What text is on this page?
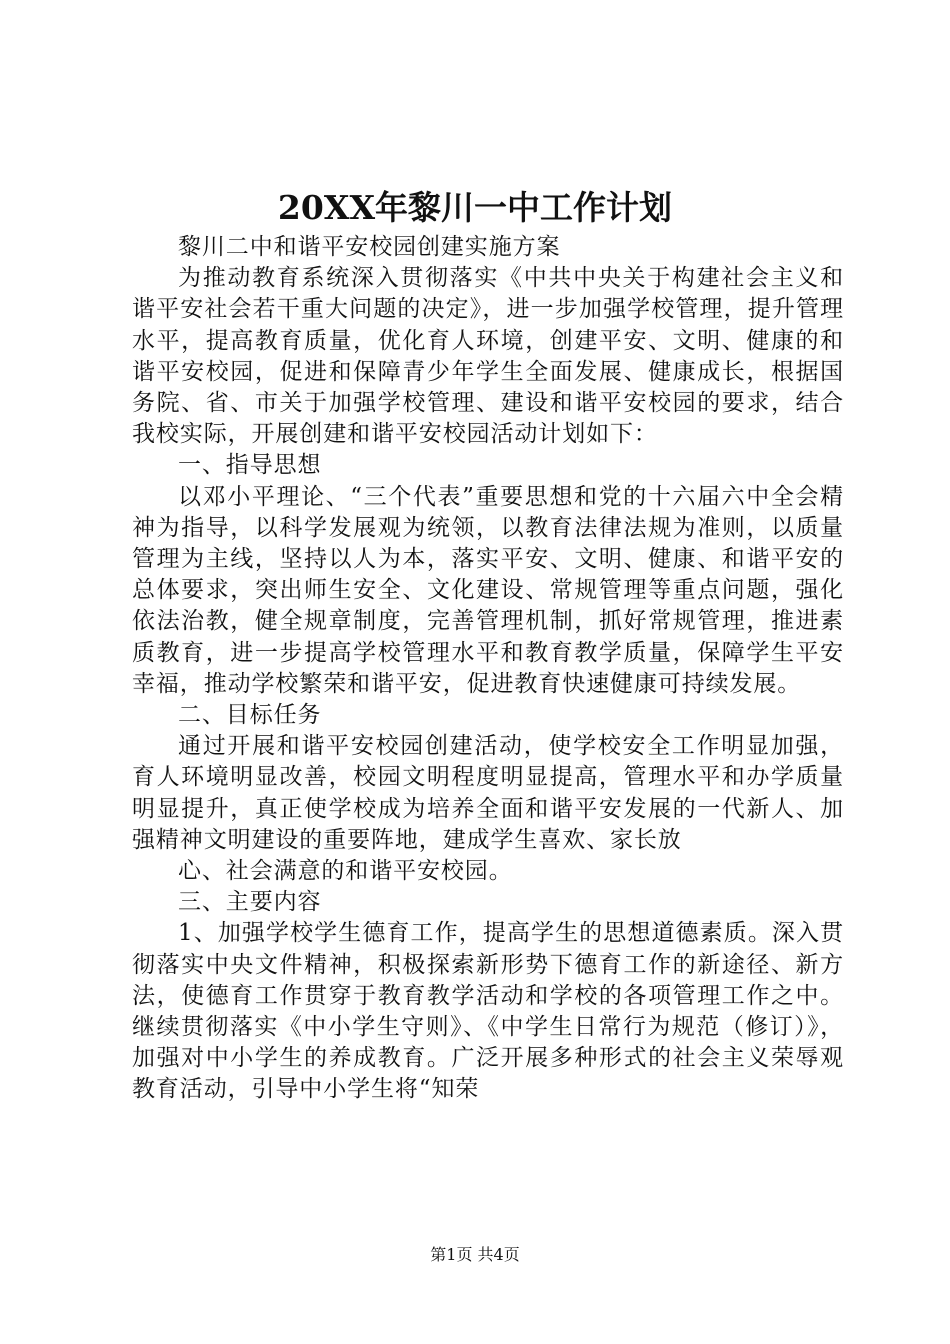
20XX年黎川一中工作计划

黎川二中和谐平安校园创建实施方案

为推动教育系统深入贯彻落实《中共中央关于构建社会主义和谐平安社会若干重大问题的决定》，进一步加强学校管理，提升管理水平，提高教育质量，优化育人环境，创建平安、文明、健康的和谐平安校园，促进和保障青少年学生全面发展、健康成长，根据国务院、省、市关于加强学校管理、建设和谐平安校园的要求，结合我校实际，开展创建和谐平安校园活动计划如下：

一、指导思想

以邓小平理论、“三个代表”重要思想和党的十六届六中全会精神为指导，以科学发展观为统领，以教育法律法规为准则，以质量管理为主线，坚持以人为本，落实平安、文明、健康、和谐平安的总体要求，突出师生安全、文化建设、常规管理等重点问题，强化依法治教，健全规章制度，完善管理机制，抓好常规管理，推进素质教育，进一步提高学校管理水平和教育教学质量，保障学生平安幸福，推动学校繁荣和谐平安，促进教育快速健康可持续发展。

二、目标任务

通过开展和谐平安校园创建活动，使学校安全工作明显加强，育人环境明显改善，校园文明程度明显提高，管理水平和办学质量明显提升，真正使学校成为培养全面和谐平安发展的一代新人、加强精神文明建设的重要阵地，建成学生喜欢、家长放

心、社会满意的和谐平安校园。

三、主要内容

1、加强学校学生德育工作，提高学生的思想道德素质。深入贯彻落实中央文件精神，积极探索新形势下德育工作的新途径、新方法，使德育工作贯穿于教育教学活动和学校的各项管理工作之中。继续贯彻落实《中小学生守则》、《中学生日常行为规范（修订）》，加强对中小学生的养成教育。广泛开展多种形式的社会主义荣辱观教育活动，引导中小学生将“知荣

第1页 共4页
